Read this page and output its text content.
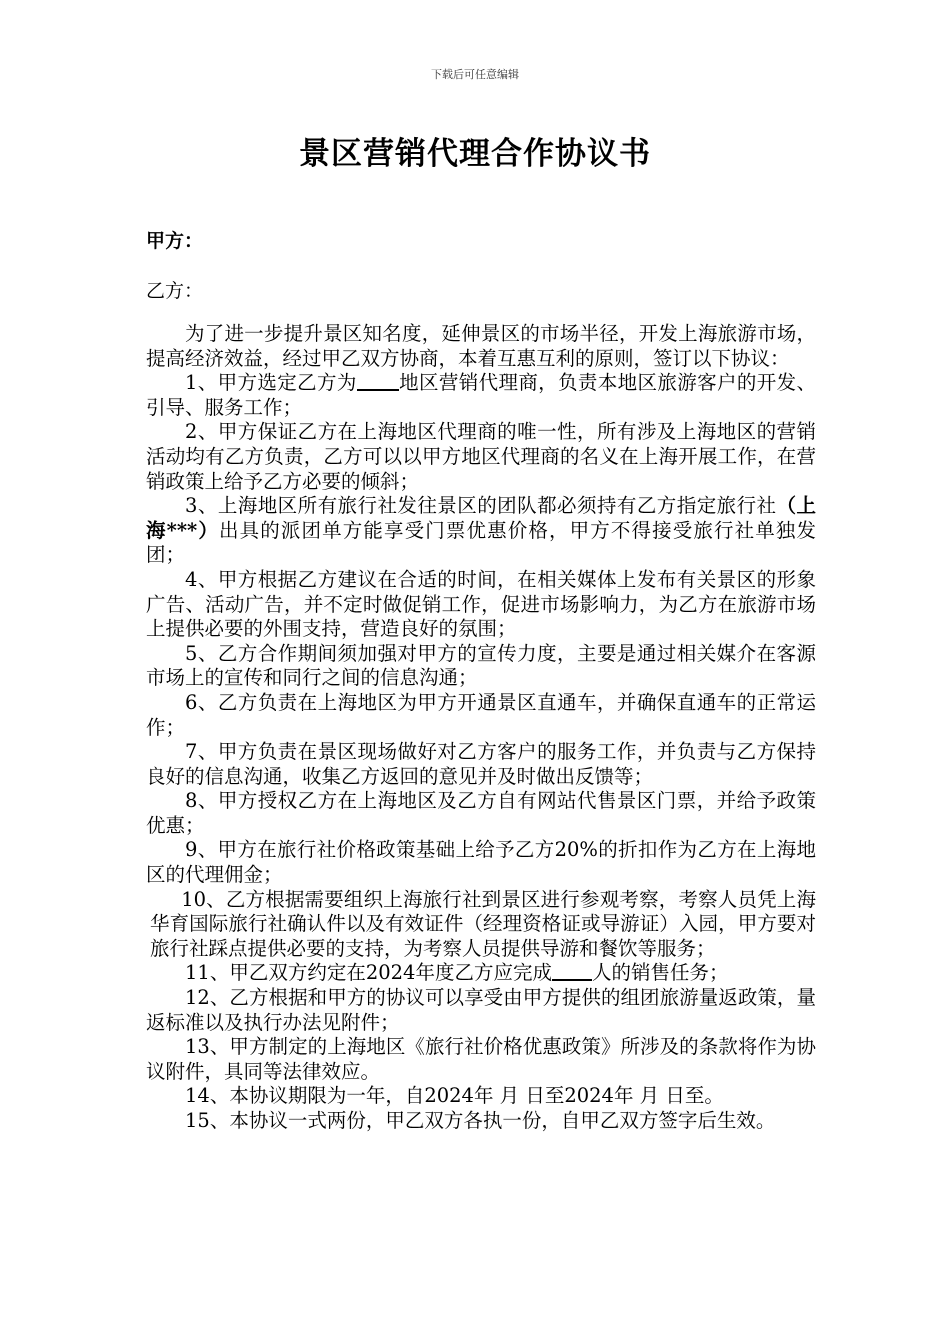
下载后可任意编辑
景区营销代理合作协议书
甲方：
乙方：

为了进一步提升景区知名度，延伸景区的市场半径，开发上海旅游市场，提高经济效益，经过甲乙双方协商，本着互惠互利的原则，签订以下协议：

1、甲方选定乙方为 地区营销代理商，负责本地区旅游客户的开发、引导、服务工作；

2、甲方保证乙方在上海地区代理商的唯一性，所有涉及上海地区的营销活动均有乙方负责，乙方可以以甲方地区代理商的名义在上海开展工作，在营销政策上给予乙方必要的倾斜；

3、上海地区所有旅行社发往景区的团队都必须持有乙方指定旅行社（上海***）出具的派团单方能享受门票优惠价格，甲方不得接受旅行社单独发团；

4、甲方根据乙方建议在合适的时间，在相关媒体上发布有关景区的形象广告、活动广告，并不定时做促销工作，促进市场影响力，为乙方在旅游市场上提供必要的外围支持，营造良好的氛围；

5、乙方合作期间须加强对甲方的宣传力度，主要是通过相关媒介在客源市场上的宣传和同行之间的信息沟通；

6、乙方负责在上海地区为甲方开通景区直通车，并确保直通车的正常运作；

7、甲方负责在景区现场做好对乙方客户的服务工作，并负责与乙方保持良好的信息沟通，收集乙方返回的意见并及时做出反馈等；

8、甲方授权乙方在上海地区及乙方自有网站代售景区门票，并给予政策优惠；

9、甲方在旅行社价格政策基础上给予乙方20%的折扣作为乙方在上海地区的代理佣金；

10、乙方根据需要组织上海旅行社到景区进行参观考察，考察人员凭上海华育国际旅行社确认件以及有效证件（经理资格证或导游证）入园，甲方要对旅行社踩点提供必要的支持，为考察人员提供导游和餐饮等服务；

11、甲乙双方约定在2024年度乙方应完成 人的销售任务；

12、乙方根据和甲方的协议可以享受由甲方提供的组团旅游量返政策，量返标准以及执行办法见附件；

13、甲方制定的上海地区《旅行社价格优惠政策》所涉及的条款将作为协议附件，具同等法律效应。

14、本协议期限为一年，自2024年 月 日至2024年 月 日至。

15、本协议一式两份，甲乙双方各执一份，自甲乙双方签字后生效。
